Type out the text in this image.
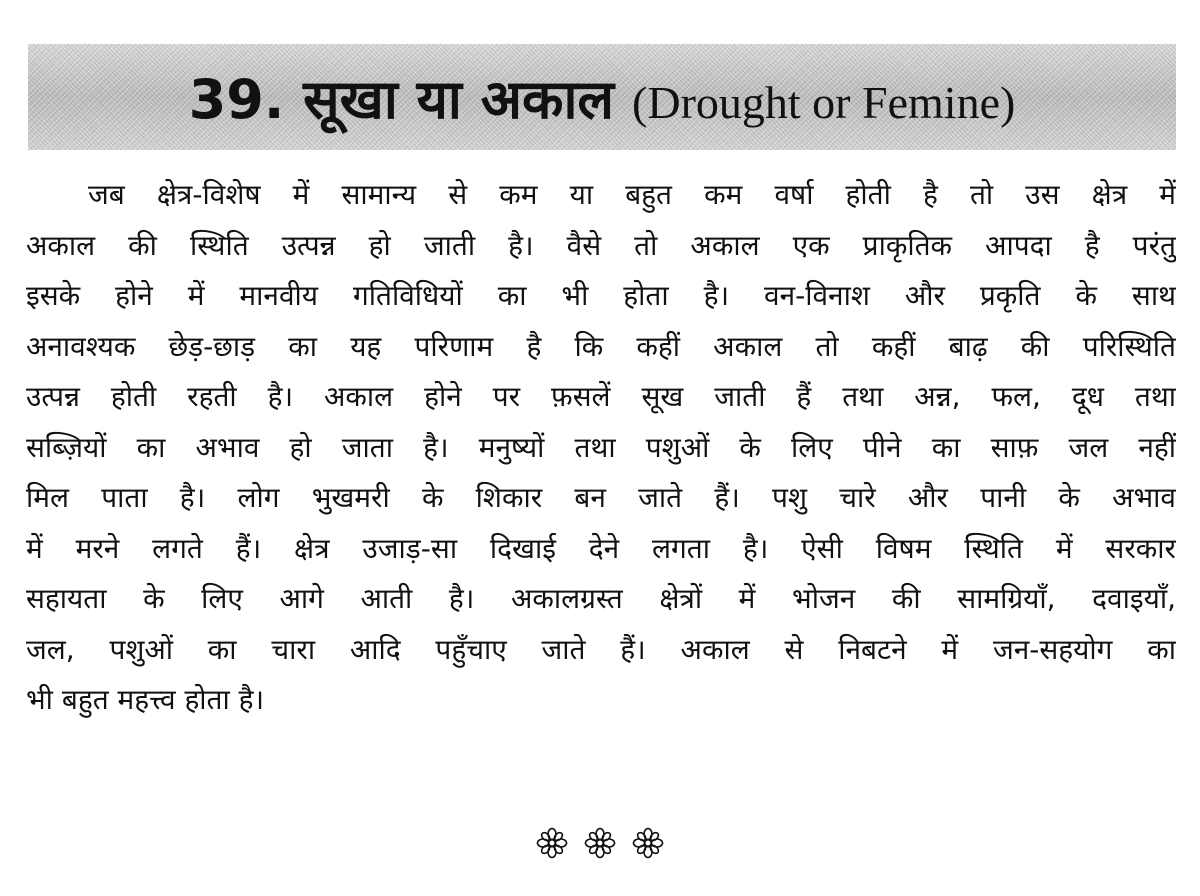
39. सूखा या अकाल (Drought or Femine)
जब क्षेत्र-विशेष में सामान्य से कम या बहुत कम वर्षा होती है तो उस क्षेत्र में
अकाल की स्थिति उत्पन्न हो जाती है। वैसे तो अकाल एक प्राकृतिक आपदा है परंतु
इसके होने में मानवीय गतिविधियों का भी होता है। वन-विनाश और प्रकृति के साथ
अनावश्यक छेड़-छाड़ का यह परिणाम है कि कहीं अकाल तो कहीं बाढ़ की परिस्थिति
उत्पन्न होती रहती है। अकाल होने पर फ़सलें सूख जाती हैं तथा अन्न, फल, दूध तथा
सब्ज़ियों का अभाव हो जाता है। मनुष्यों तथा पशुओं के लिए पीने का साफ़ जल नहीं
मिल पाता है। लोग भुखमरी के शिकार बन जाते हैं। पशु चारे और पानी के अभाव
में मरने लगते हैं। क्षेत्र उजाड़-सा दिखाई देने लगता है। ऐसी विषम स्थिति में सरकार
सहायता के लिए आगे आती है। अकालग्रस्त क्षेत्रों में भोजन की सामग्रियाँ, दवाइयाँ,
जल, पशुओं का चारा आदि पहुँचाए जाते हैं। अकाल से निबटने में जन-सहयोग का
भी बहुत महत्त्व होता है।
